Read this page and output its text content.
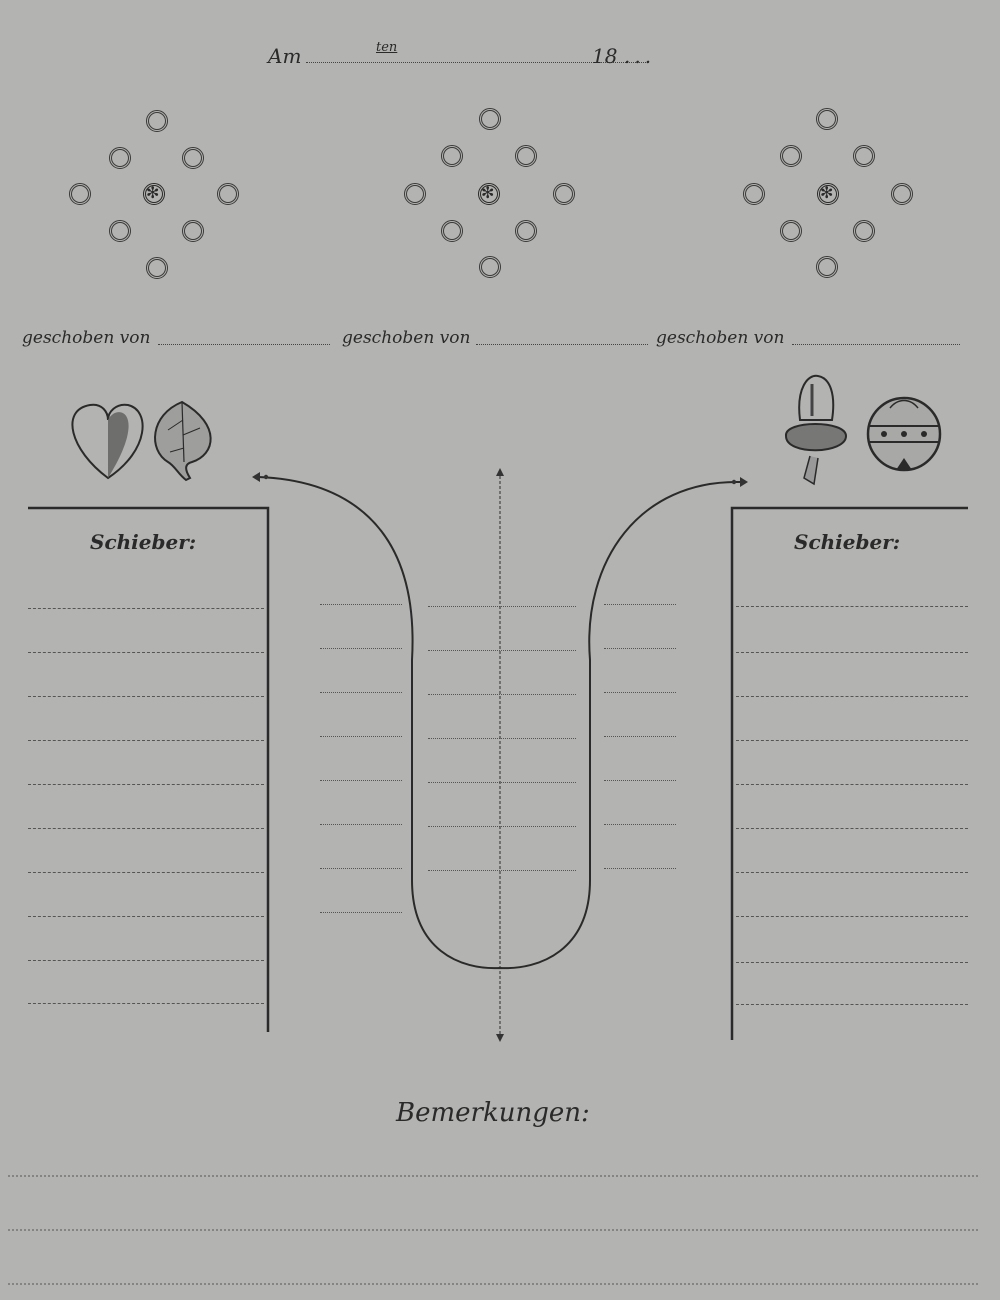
Am	ten	18 ...
✻
✻
✻
geschoben von	geschoben von	geschoben von
Schieber:	Schieber:
Bemerkungen:
